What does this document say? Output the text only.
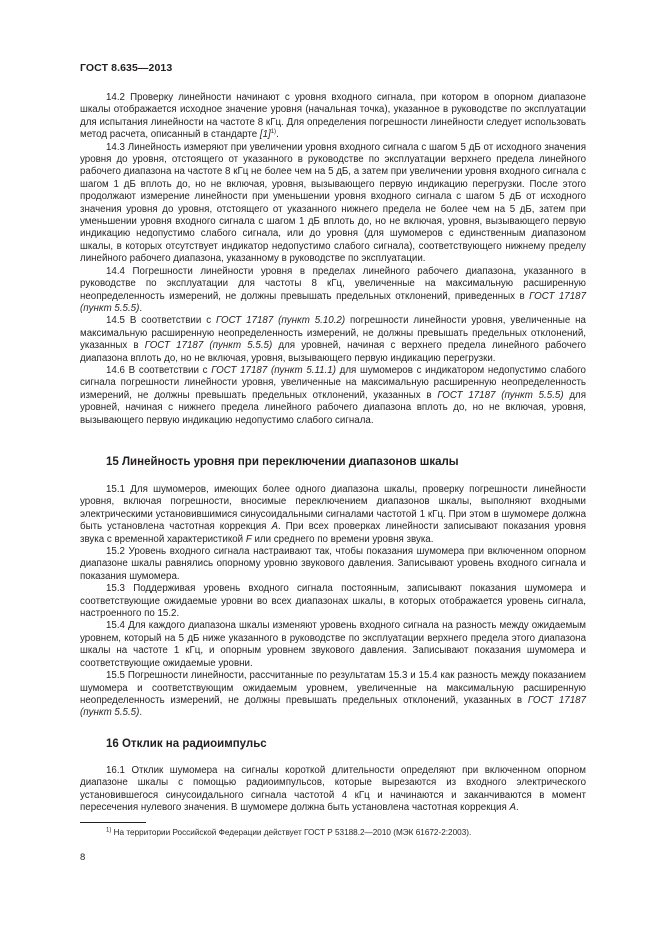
ГОСТ 8.635—2013

14.2 Проверку линейности начинают с уровня входного сигнала, при котором в опорном диапазоне шкалы отображается исходное значение уровня (начальная точка), указанное в руководстве по эксплуатации для испытания линейности на частоте 8 кГц. Для определения погрешности линейности следует использовать метод расчета, описанный в стандарте $[1]^{1)}$.

14.3 Линейность измеряют при увеличении уровня входного сигнала с шагом 5 дБ от исходного значения уровня до уровня, отстоящего от указанного в руководстве по эксплуатации верхнего предела линейного рабочего диапазона на частоте 8 кГц не более чем на 5 дБ, а затем при увеличении уровня входного сигнала с шагом 1 дБ вплоть до, но не включая, уровня, вызывающего первую индикацию перегрузки. После этого продолжают измерение линейности при уменьшении уровня входного сигнала с шагом 5 дБ от исходного значения уровня до уровня, отстоящего от указанного нижнего предела не более чем на 5 дБ, затем при уменьшении уровня входного сигнала с шагом 1 дБ вплоть до, но не включая, уровня, вызывающего первую индикацию недопустимо слабого сигнала, или до уровня (для шумомеров с единственным диапазоном шкалы, в которых отсутствует индикатор недопустимо слабого сигнала), соответствующего нижнему пределу линейного рабочего диапазона, указанному в руководстве по эксплуатации.

14.4 Погрешности линейности уровня в пределах линейного рабочего диапазона, указанного в руководстве по эксплуатации для частоты 8 кГц, увеличенные на максимальную расширенную неопределенность измерений, не должны превышать предельных отклонений, приведенных в ГОСТ 17187 (пункт 5.5.5).

14.5 В соответствии с ГОСТ 17187 (пункт 5.10.2) погрешности линейности уровня, увеличенные на максимальную расширенную неопределенность измерений, не должны превышать предельных отклонений, указанных в ГОСТ 17187 (пункт 5.5.5) для уровней, начиная с верхнего предела линейного рабочего диапазона вплоть до, но не включая, уровня, вызывающего первую индикацию перегрузки.

14.6 В соответствии с ГОСТ 17187 (пункт 5.11.1) для шумомеров с индикатором недопустимо слабого сигнала погрешности линейности уровня, увеличенные на максимальную расширенную неопределенность измерений, не должны превышать предельных отклонений, указанных в ГОСТ 17187 (пункт 5.5.5) для уровней, начиная с нижнего предела линейного рабочего диапазона вплоть до, но не включая, уровня, вызывающего первую индикацию недопустимо слабого сигнала.

15 Линейность уровня при переключении диапазонов шкалы

15.1 Для шумомеров, имеющих более одного диапазона шкалы, проверку погрешности линейности уровня, включая погрешности, вносимые переключением диапазонов шкалы, выполняют входными электрическими установившимися синусоидальными сигналами частотой 1 кГц. При этом в шумомере должна быть установлена частотная коррекция А. При всех проверках линейности записывают показания уровня звука с временной характеристикой F или среднего по времени уровня звука.

15.2 Уровень входного сигнала настраивают так, чтобы показания шумомера при включенном опорном диапазоне шкалы равнялись опорному уровню звукового давления. Записывают уровень входного сигнала и показания шумомера.

15.3 Поддерживая уровень входного сигнала постоянным, записывают показания шумомера и соответствующие ожидаемые уровни во всех диапазонах шкалы, в которых отображается уровень сигнала, настроенного по 15.2.

15.4 Для каждого диапазона шкалы изменяют уровень входного сигнала на разность между ожидаемым уровнем, который на 5 дБ ниже указанного в руководстве по эксплуатации верхнего предела этого диапазона шкалы на частоте 1 кГц, и опорным уровнем звукового давления. Записывают показания шумомера и соответствующие ожидаемые уровни.

15.5 Погрешности линейности, рассчитанные по результатам 15.3 и 15.4 как разность между показанием шумомера и соответствующим ожидаемым уровнем, увеличенные на максимальную расширенную неопределенность измерений, не должны превышать предельных отклонений, указанных в ГОСТ 17187 (пункт 5.5.5).

16 Отклик на радиоимпульс

16.1 Отклик шумомера на сигналы короткой длительности определяют при включенном опорном диапазоне шкалы с помощью радиоимпульсов, которые вырезаются из входного электрического установившегося синусоидального сигнала частотой 4 кГц и начинаются и заканчиваются в момент пересечения нулевого значения. В шумомере должна быть установлена частотная коррекция А.

$^{1)}$ На территории Российской Федерации действует ГОСТ Р 53188.2—2010 (МЭК 61672-2:2003).
8
